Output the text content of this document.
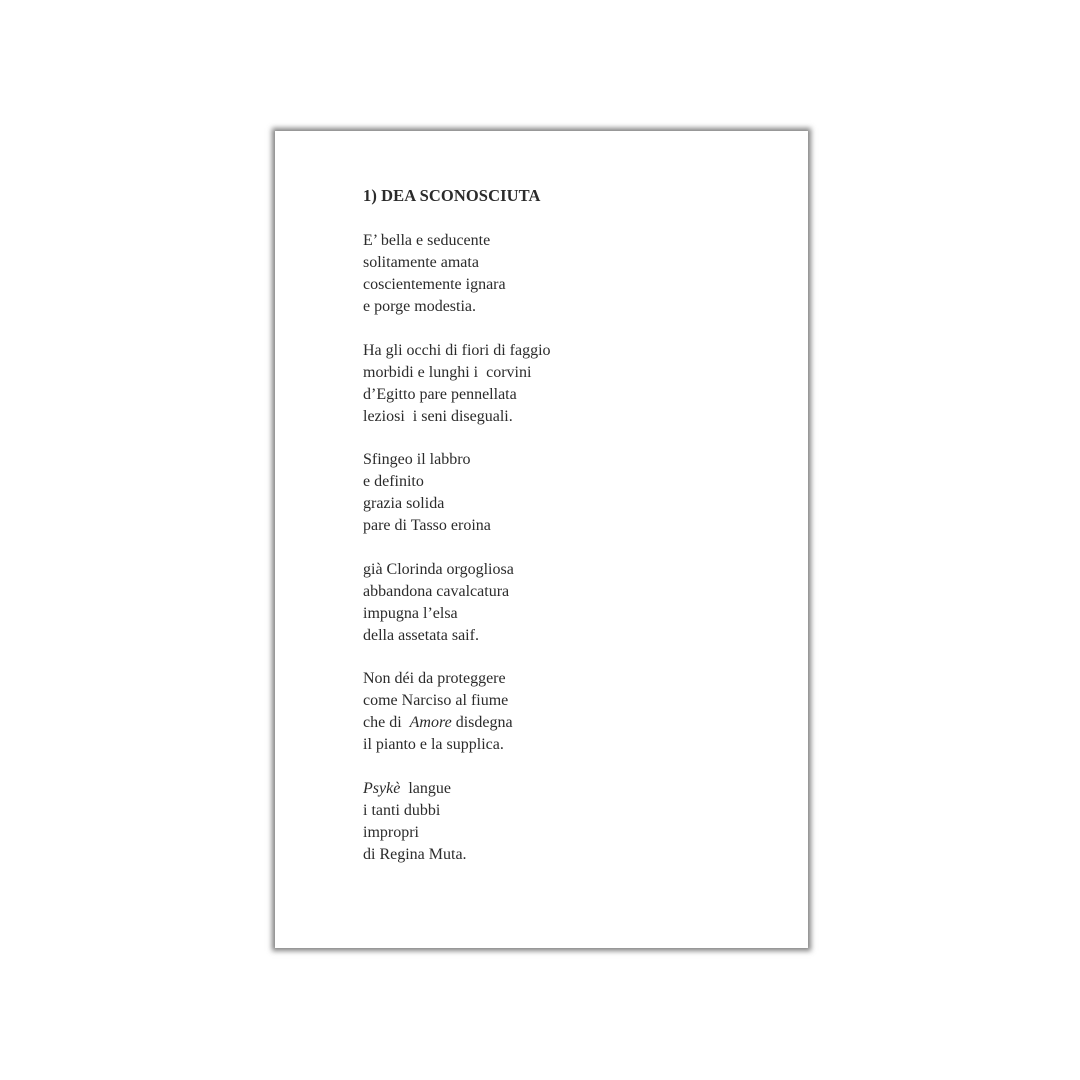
1) DEA SCONOSCIUTA
E’ bella e seducente
solitamente amata
coscientemente ignara
e porge modestia.
Ha gli occhi di fiori di faggio
morbidi e lunghi i  corvini
d’Egitto pare pennellata
leziosi  i seni diseguali.
Sfingeo il labbro
e definito
grazia solida
pare di Tasso eroina
già Clorinda orgogliosa
abbandona cavalcatura
impugna l’elsa
della assetata saif.
Non déi da proteggere
come Narciso al fiume
che di  Amore disdegna
il pianto e la supplica.
Psykè  langue
i tanti dubbi
impropri
di Regina Muta.
